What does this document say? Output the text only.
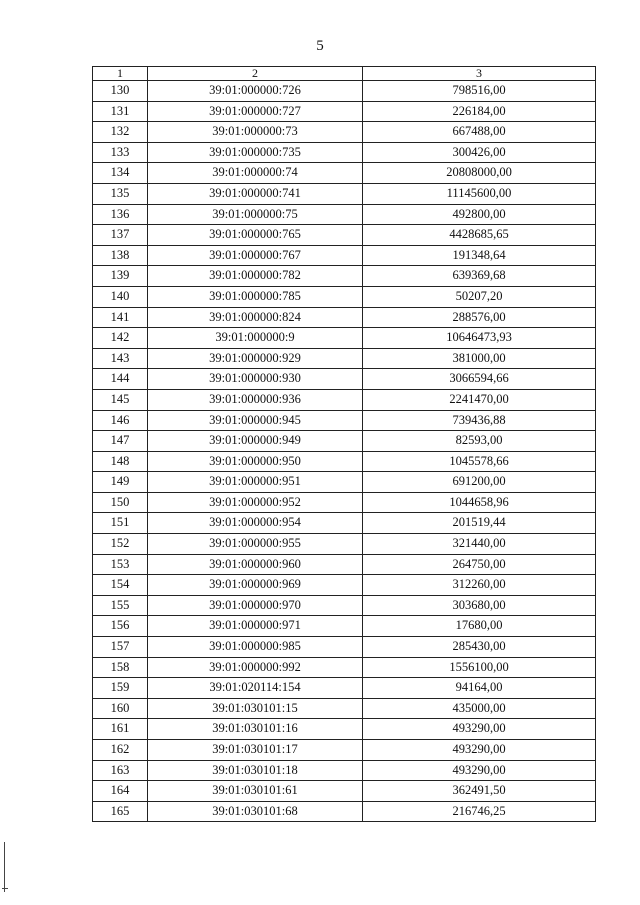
5
1	2	3
130	39:01:000000:726	798516,00
131	39:01:000000:727	226184,00
132	39:01:000000:73	667488,00
133	39:01:000000:735	300426,00
134	39:01:000000:74	20808000,00
135	39:01:000000:741	11145600,00
136	39:01:000000:75	492800,00
137	39:01:000000:765	4428685,65
138	39:01:000000:767	191348,64
139	39:01:000000:782	639369,68
140	39:01:000000:785	50207,20
141	39:01:000000:824	288576,00
142	39:01:000000:9	10646473,93
143	39:01:000000:929	381000,00
144	39:01:000000:930	3066594,66
145	39:01:000000:936	2241470,00
146	39:01:000000:945	739436,88
147	39:01:000000:949	82593,00
148	39:01:000000:950	1045578,66
149	39:01:000000:951	691200,00
150	39:01:000000:952	1044658,96
151	39:01:000000:954	201519,44
152	39:01:000000:955	321440,00
153	39:01:000000:960	264750,00
154	39:01:000000:969	312260,00
155	39:01:000000:970	303680,00
156	39:01:000000:971	17680,00
157	39:01:000000:985	285430,00
158	39:01:000000:992	1556100,00
159	39:01:020114:154	94164,00
160	39:01:030101:15	435000,00
161	39:01:030101:16	493290,00
162	39:01:030101:17	493290,00
163	39:01:030101:18	493290,00
164	39:01:030101:61	362491,50
165	39:01:030101:68	216746,25
